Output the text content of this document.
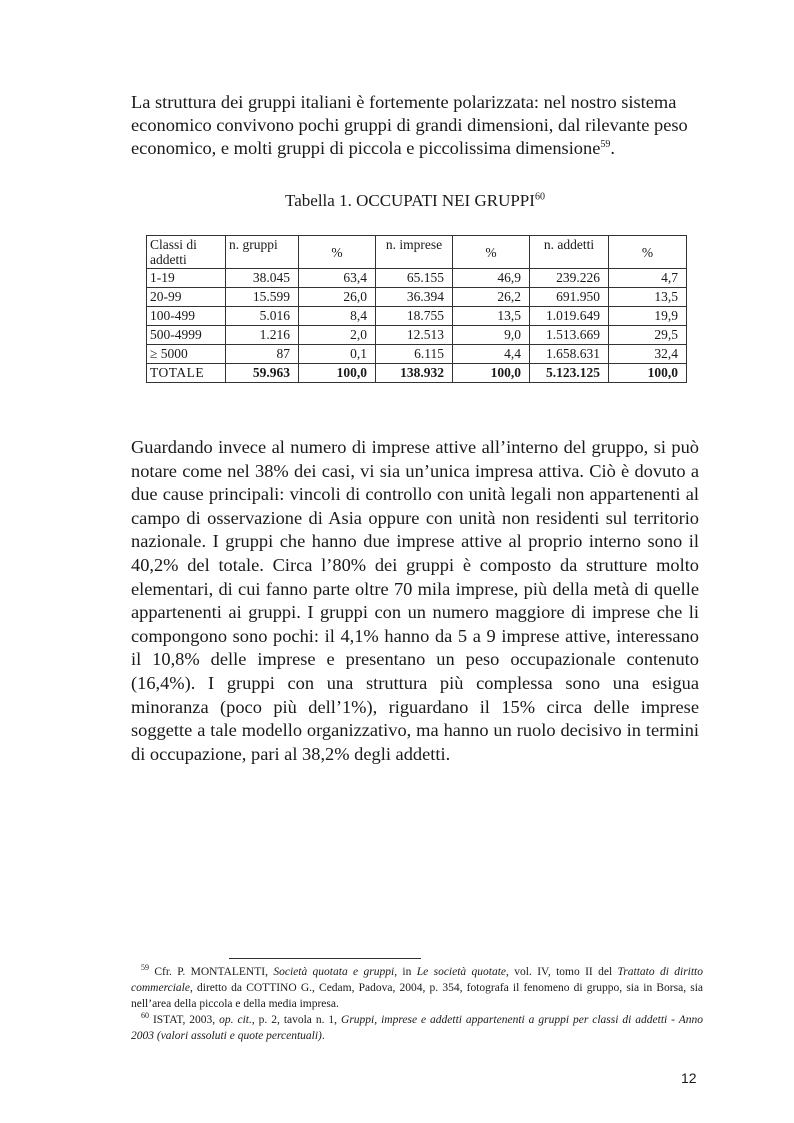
La struttura dei gruppi italiani è fortemente polarizzata: nel nostro sistema economico convivono pochi gruppi di grandi dimensioni, dal rilevante peso economico, e molti gruppi di piccola e piccolissima dimensione$^{59}$.

Tabella 1. OCCUPATI NEI GRUPPI$^{60}$
Classi di addetti	n. gruppi	%	n. imprese	%	n. addetti	%
1-19	38.045	63,4	65.155	46,9	239.226	4,7
20-99	15.599	26,0	36.394	26,2	691.950	13,5
100-499	5.016	8,4	18.755	13,5	1.019.649	19,9
500-4999	1.216	2,0	12.513	9,0	1.513.669	29,5
≥ 5000	87	0,1	6.115	4,4	1.658.631	32,4
TOTALE	59.963	100,0	138.932	100,0	5.123.125	100,0

Guardando invece al numero di imprese attive all’interno del gruppo, si può notare come nel 38% dei casi, vi sia un’unica impresa attiva. Ciò è dovuto a due cause principali: vincoli di controllo con unità legali non appartenenti al campo di osservazione di Asia oppure con unità non residenti sul territorio nazionale. I gruppi che hanno due imprese attive al proprio interno sono il 40,2% del totale. Circa l’80% dei gruppi è composto da strutture molto elementari, di cui fanno parte oltre 70 mila imprese, più della metà di quelle appartenenti ai gruppi. I gruppi con un numero maggiore di imprese che li compongono sono pochi: il 4,1% hanno da 5 a 9 imprese attive, interessano il 10,8% delle imprese e presentano un peso occupazionale contenuto (16,4%). I gruppi con una struttura più complessa sono una esigua minoranza (poco più dell’1%), riguardano il 15% circa delle imprese soggette a tale modello organizzativo, ma hanno un ruolo decisivo in termini di occupazione, pari al 38,2% degli addetti.

$^{59}$ Cfr. P. MONTALENTI, Società quotata e gruppi, in Le società quotate, vol. IV, tomo II del Trattato di diritto commerciale, diretto da COTTINO G., Cedam, Padova, 2004, p. 354, fotografa il fenomeno di gruppo, sia in Borsa, sia nell’area della piccola e della media impresa.

$^{60}$ ISTAT, 2003, op. cit., p. 2, tavola n. 1, Gruppi, imprese e addetti appartenenti a gruppi per classi di addetti - Anno 2003 (valori assoluti e quote percentuali).

12
